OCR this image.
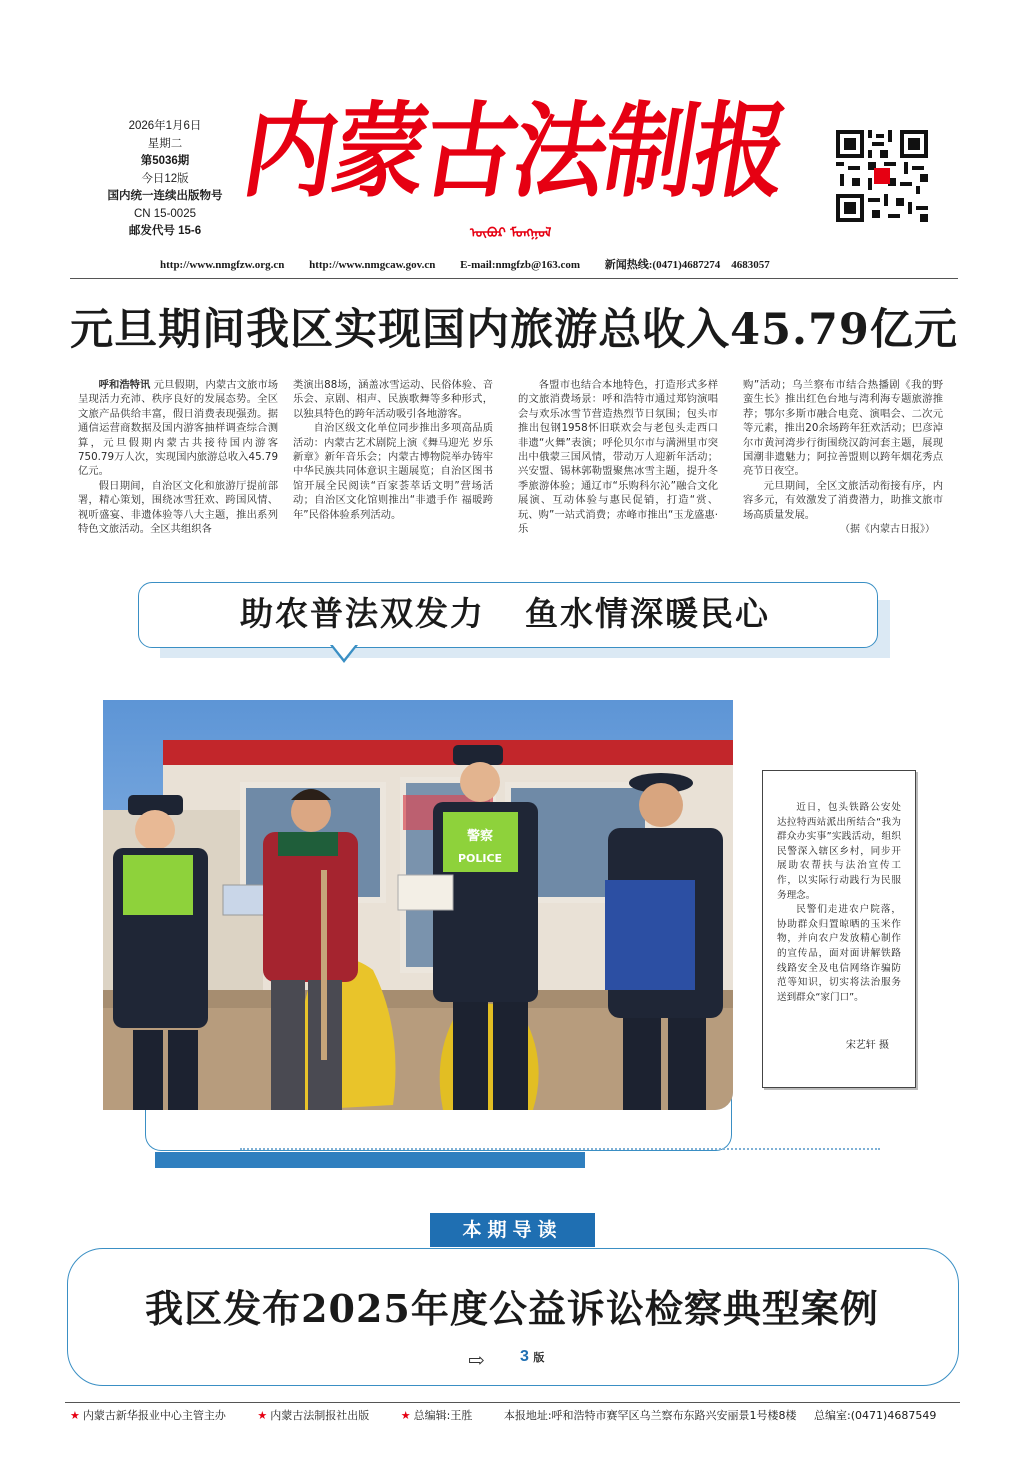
2026年1月6日
星期二
第5036期
今日12版
国内统一连续出版物号
CN 15-0025
邮发代号 15-6
内蒙古法制报
ᠥᠪᠦᠷ ᠮᠣᠩᠭᠣᠯ
http://www.nmgfzw.org.cn http://www.nmgcaw.gov.cn E-mail:nmgfzb@163.com 新闻热线:(0471)4687274　4683057
元旦期间我区实现国内旅游总收入45.79亿元

呼和浩特讯 元旦假期，内蒙古文旅市场呈现活力充沛、秩序良好的发展态势。全区文旅产品供给丰富，假日消费表现强劲。据通信运营商数据及国内游客抽样调查综合测算，元旦假期内蒙古共接待国内游客750.79万人次，实现国内旅游总收入45.79亿元。

假日期间，自治区文化和旅游厅提前部署，精心策划，围绕冰雪狂欢、跨国风情、视听盛宴、非遗体验等八大主题，推出系列特色文旅活动。全区共组织各

类演出88场，涵盖冰雪运动、民俗体验、音乐会、京剧、相声、民族歌舞等多种形式，以独具特色的跨年活动吸引各地游客。

自治区级文化单位同步推出多项高品质活动：内蒙古艺术剧院上演《舞马迎光 岁乐新章》新年音乐会；内蒙古博物院举办铸牢中华民族共同体意识主题展览；自治区图书馆开展全民阅读“百家荟萃话文明”营场活动；自治区文化馆则推出“非遗手作 福暖跨年”民俗体验系列活动。

各盟市也结合本地特色，打造形式多样的文旅消费场景：呼和浩特市通过郑钧演唱会与欢乐冰雪节营造热烈节日氛围；包头市推出包钢1958怀旧联欢会与老包头走西口非遗“火舞”表演；呼伦贝尔市与满洲里市突出中俄蒙三国风情，带动万人迎新年活动；兴安盟、锡林郭勒盟聚焦冰雪主题，提升冬季旅游体验；通辽市“乐购科尔沁”融合文化展演、互动体验与惠民促销，打造“赏、玩、购”一站式消费；赤峰市推出“玉龙盛惠·乐

购”活动；乌兰察布市结合热播剧《我的野蛮生长》推出红色台地与湾利海专题旅游推荐；鄂尔多斯市融合电竞、演唱会、二次元等元素，推出20余场跨年狂欢活动；巴彦淖尔市黄河湾步行街围绕汉韵河套主题，展现国潮非遗魅力；阿拉善盟则以跨年烟花秀点亮节日夜空。

元旦期间，全区文旅活动衔接有序，内容多元，有效激发了消费潜力，助推文旅市场高质量发展。

（据《内蒙古日报》）
助农普法双发力 鱼水情深暖民心
警察
POLICE

近日，包头铁路公安处达拉特西站派出所结合“我为群众办实事”实践活动，组织民警深入辖区乡村，同步开展助农帮扶与法治宣传工作，以实际行动践行为民服务理念。

民警们走进农户院落，协助群众归置晾晒的玉米作物，并向农户发放精心制作的宣传品，面对面讲解铁路线路安全及电信网络诈骗防范等知识，切实将法治服务送到群众“家门口”。

宋艺轩 摄
本期导读
我区发布2025年度公益诉讼检察典型案例
⇨ 3 版
★ 内蒙古新华报业中心主管主办	★ 内蒙古法制报社出版	★ 总编辑:王胜	本报地址:呼和浩特市赛罕区乌兰察布东路兴安丽景1号楼8楼 总编室:(0471)4687549
